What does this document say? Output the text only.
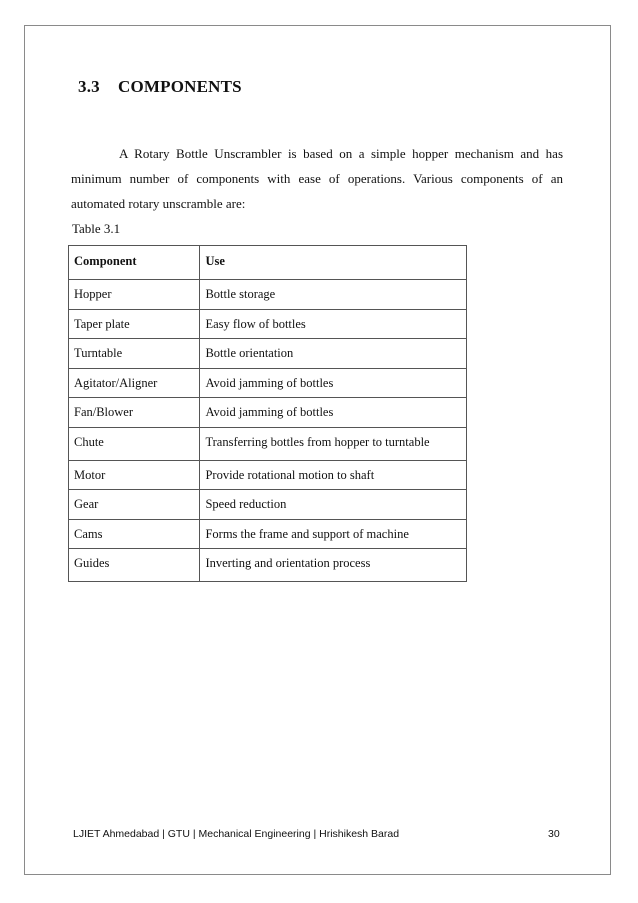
3.3 COMPONENTS
A Rotary Bottle Unscrambler is based on a simple hopper mechanism and has
minimum number of components with ease of operations. Various components of an
automated rotary unscramble are:
Table 3.1
Component	Use
Hopper	Bottle storage
Taper plate	Easy flow of bottles
Turntable	Bottle orientation
Agitator/Aligner	Avoid jamming of bottles
Fan/Blower	Avoid jamming of bottles
Chute	Transferring bottles from hopper to turntable
Motor	Provide rotational motion to shaft
Gear	Speed reduction
Cams	Forms the frame and support of machine
Guides	Inverting and orientation process
LJIET Ahmedabad | GTU | Mechanical Engineering | Hrishikesh Barad	30
